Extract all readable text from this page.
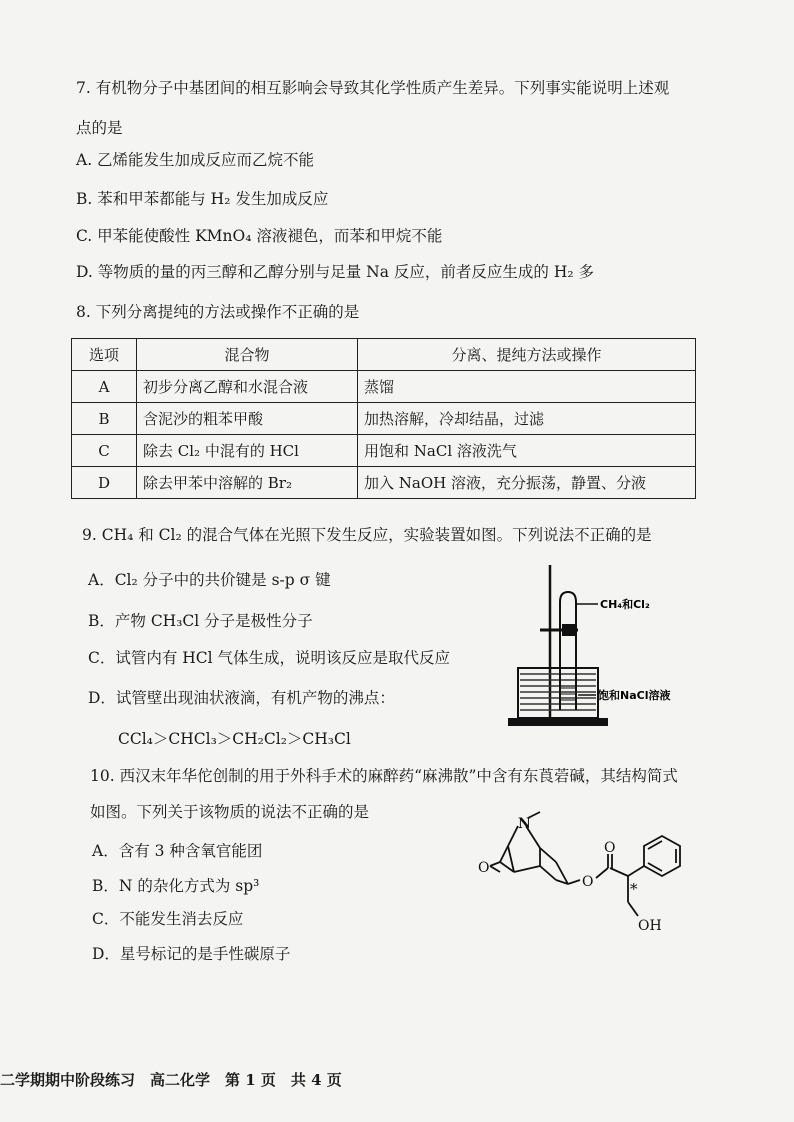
7. 有机物分子中基团间的相互影响会导致其化学性质产生差异。下列事实能说明上述观
点的是
A. 乙烯能发生加成反应而乙烷不能
B. 苯和甲苯都能与 H₂ 发生加成反应
C. 甲苯能使酸性 KMnO₄ 溶液褪色，而苯和甲烷不能
D. 等物质的量的丙三醇和乙醇分别与足量 Na 反应，前者反应生成的 H₂ 多
8. 下列分离提纯的方法或操作不正确的是
选项	混合物	分离、提纯方法或操作
A	初步分离乙醇和水混合液	蒸馏
B	含泥沙的粗苯甲酸	加热溶解，冷却结晶，过滤
C	除去 Cl₂ 中混有的 HCl	用饱和 NaCl 溶液洗气
D	除去甲苯中溶解的 Br₂	加入 NaOH 溶液，充分振荡，静置、分液
9. CH₄ 和 Cl₂ 的混合气体在光照下发生反应，实验装置如图。下列说法不正确的是
A．Cl₂ 分子中的共价键是 s-p σ 键
B．产物 CH₃Cl 分子是极性分子
C．试管内有 HCl 气体生成，说明该反应是取代反应
D．试管壁出现油状液滴，有机产物的沸点：
CCl₄＞CHCl₃＞CH₂Cl₂＞CH₃Cl
CH₄和Cl₂
饱和NaCl溶液
10. 西汉末年华佗创制的用于外科手术的麻醉药“麻沸散”中含有东莨菪碱，其结构简式
如图。下列关于该物质的说法不正确的是
A．含有 3 种含氧官能团
B．N 的杂化方式为 sp³
C．不能发生消去反应
D．星号标记的是手性碳原子
N
O
O
O
OH
*
二学期期中阶段练习　高二化学　第 1 页　共 4 页
